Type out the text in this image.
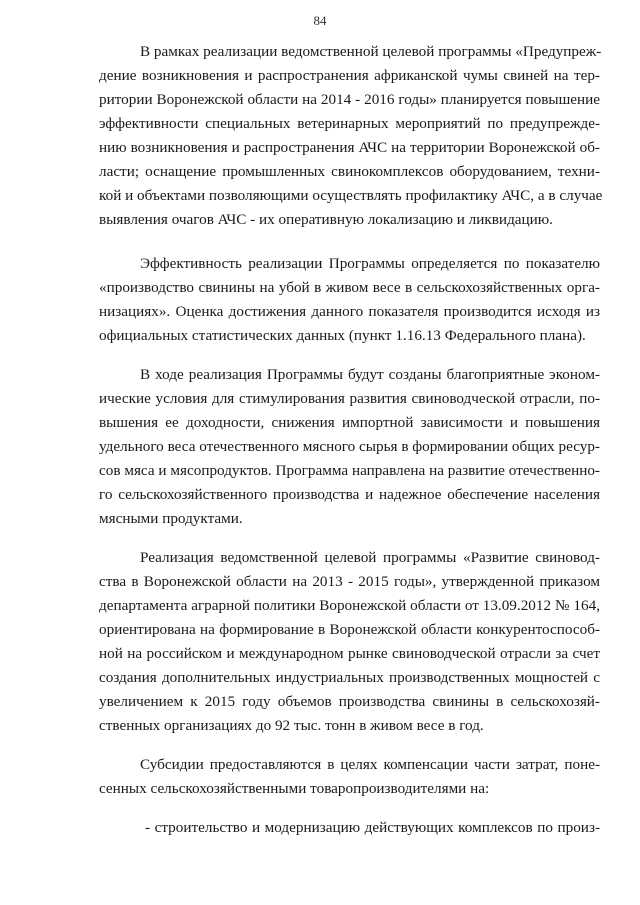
84
В рамках реализации ведомственной целевой программы «Предупреж-
дение возникновения и распространения африканской чумы свиней на тер-
ритории Воронежской области на 2014 - 2016 годы» планируется повышение
эффективности специальных ветеринарных мероприятий по предупрежде-
нию возникновения и распространения АЧС на территории Воронежской об-
ласти; оснащение промышленных свинокомплексов оборудованием, техни-
кой и объектами позволяющими осуществлять профилактику АЧС, а в случае
выявления очагов АЧС - их оперативную локализацию и ликвидацию.
Эффективность реализации Программы определяется по показателю
«производство свинины на убой в живом весе в сельскохозяйственных орга-
низациях». Оценка достижения данного показателя производится исходя из
официальных статистических данных (пункт 1.16.13 Федерального плана).
В ходе реализация Программы будут созданы благоприятные эконом-
ические условия для стимулирования развития свиноводческой отрасли, по-
вышения ее доходности, снижения импортной зависимости и повышения
удельного веса отечественного мясного сырья в формировании общих ресур-
сов мяса и мясопродуктов. Программа направлена на развитие отечественно-
го сельскохозяйственного производства и надежное обеспечение населения
мясными продуктами.
Реализация ведомственной целевой программы «Развитие свиновод-
ства в Воронежской области на 2013 - 2015 годы», утвержденной приказом
департамента аграрной политики Воронежской области от 13.09.2012 № 164,
ориентирована на формирование в Воронежской области конкурентоспособ-
ной на российском и международном рынке свиноводческой отрасли за счет
создания дополнительных индустриальных производственных мощностей с
увеличением к 2015 году объемов производства свинины в сельскохозяй-
ственных организациях до 92 тыс. тонн в живом весе в год.
Субсидии предоставляются в целях компенсации части затрат, поне-
сенных сельскохозяйственными товаропроизводителями на:
- строительство и модернизацию действующих комплексов по произ-
